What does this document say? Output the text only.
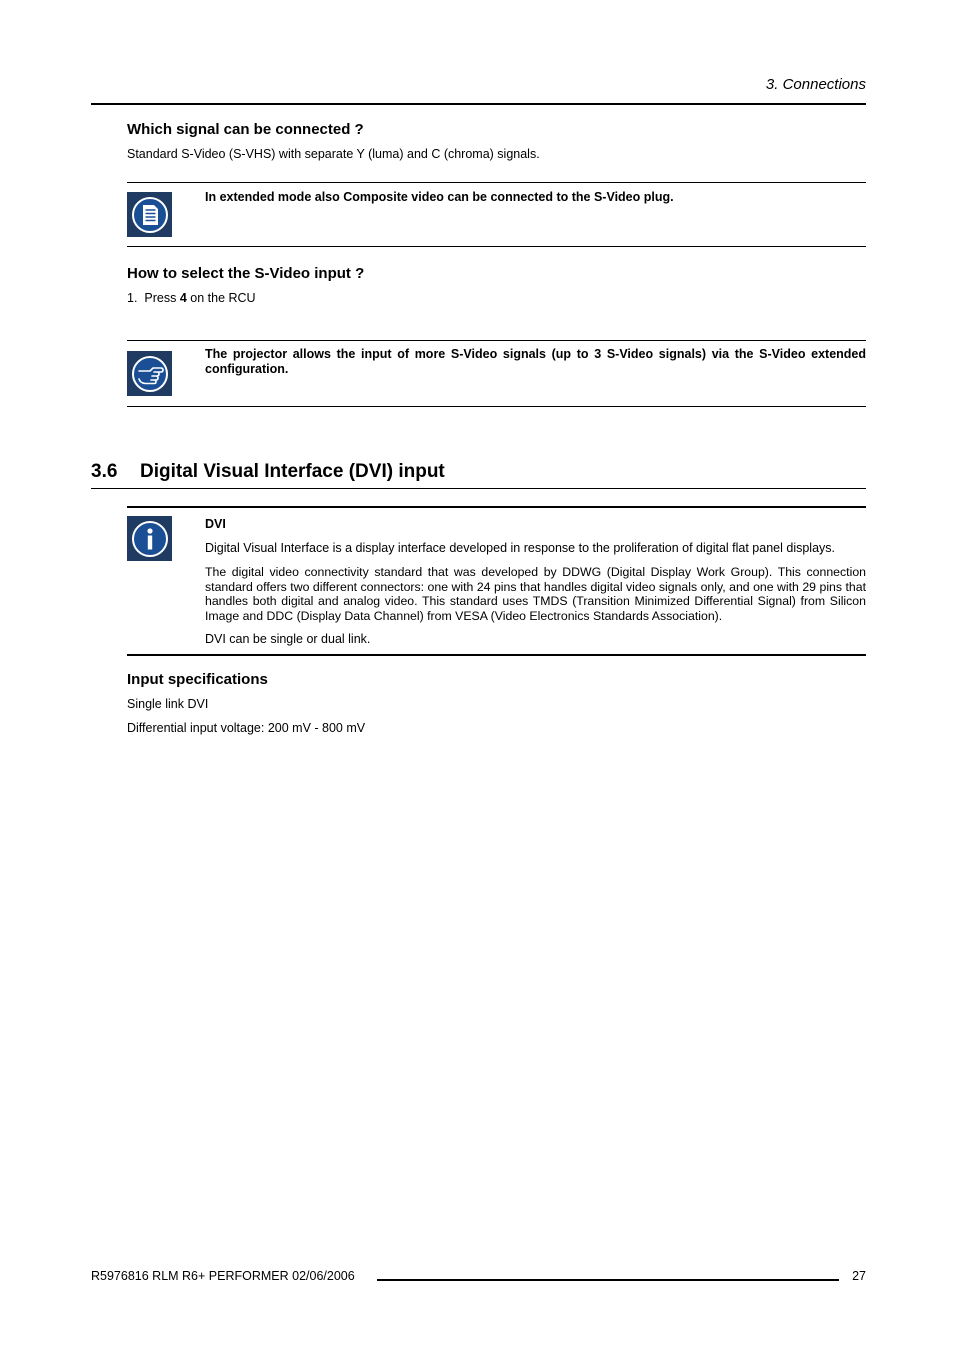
3. Connections
Which signal can be connected ?

Standard S-Video (S-VHS) with separate Y (luma) and C (chroma) signals.

In extended mode also Composite video can be connected to the S-Video plug.
How to select the S-Video input ?

1. Press 4 on the RCU

The projector allows the input of more S-Video signals (up to 3 S-Video signals) via the S-Video extended configuration.
3.6 Digital Visual Interface (DVI) input

DVI

Digital Visual Interface is a display interface developed in response to the proliferation of digital flat panel displays.

The digital video connectivity standard that was developed by DDWG (Digital Display Work Group). This connection standard offers two different connectors: one with 24 pins that handles digital video signals only, and one with 29 pins that handles both digital and analog video. This standard uses TMDS (Transition Minimized Differential Signal) from Silicon Image and DDC (Display Data Channel) from VESA (Video Electronics Standards Association).

DVI can be single or dual link.

Input specifications

Single link DVI

Differential input voltage: 200 mV - 800 mV

R5976816 RLM R6+ PERFORMER 02/06/2006	27
